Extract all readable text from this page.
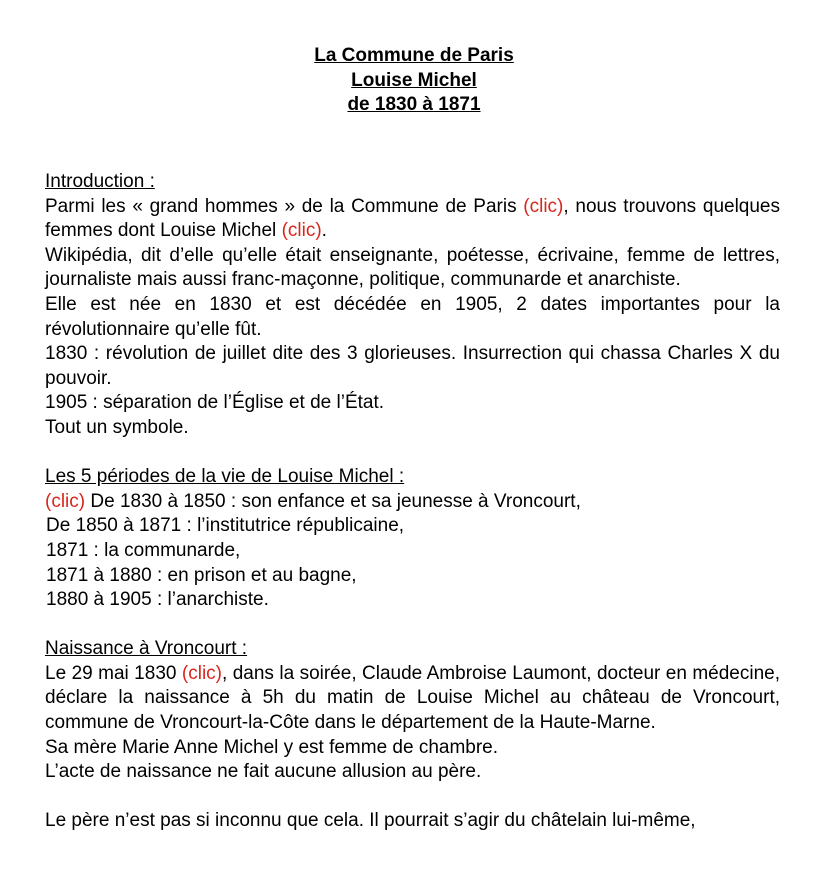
La Commune de Paris
Louise Michel
de 1830 à 1871
Introduction :

Parmi les « grand hommes » de la Commune de Paris (clic), nous trouvons quelques femmes dont Louise Michel (clic).

Wikipédia, dit d’elle qu’elle était enseignante, poétesse, écrivaine, femme de lettres, journaliste mais aussi franc-maçonne, politique, communarde et anarchiste.

Elle est née en 1830 et est décédée en 1905, 2 dates importantes pour la révolutionnaire qu’elle fût.

1830 : révolution de juillet dite des 3 glorieuses. Insurrection qui chassa Charles X du pouvoir.

1905 : séparation de l’Église et de l’État.

Tout un symbole.

Les 5 périodes de la vie de Louise Michel :
(clic) De 1830 à 1850 : son enfance et sa jeunesse à Vroncourt,
De 1850 à 1871 : l’institutrice républicaine,
1871 : la communarde,
1871 à 1880 : en prison et au bagne,
1880 à 1905 : l’anarchiste.
Naissance à Vroncourt :

Le 29 mai 1830 (clic), dans la soirée, Claude Ambroise Laumont, docteur en médecine, déclare la naissance à 5h du matin de Louise Michel au château de Vroncourt, commune de Vroncourt-la-Côte dans le département de la Haute-Marne.

Sa mère Marie Anne Michel y est femme de chambre.

L’acte de naissance ne fait aucune allusion au père.

Le père n’est pas si inconnu que cela. Il pourrait s’agir du châtelain lui-même,
